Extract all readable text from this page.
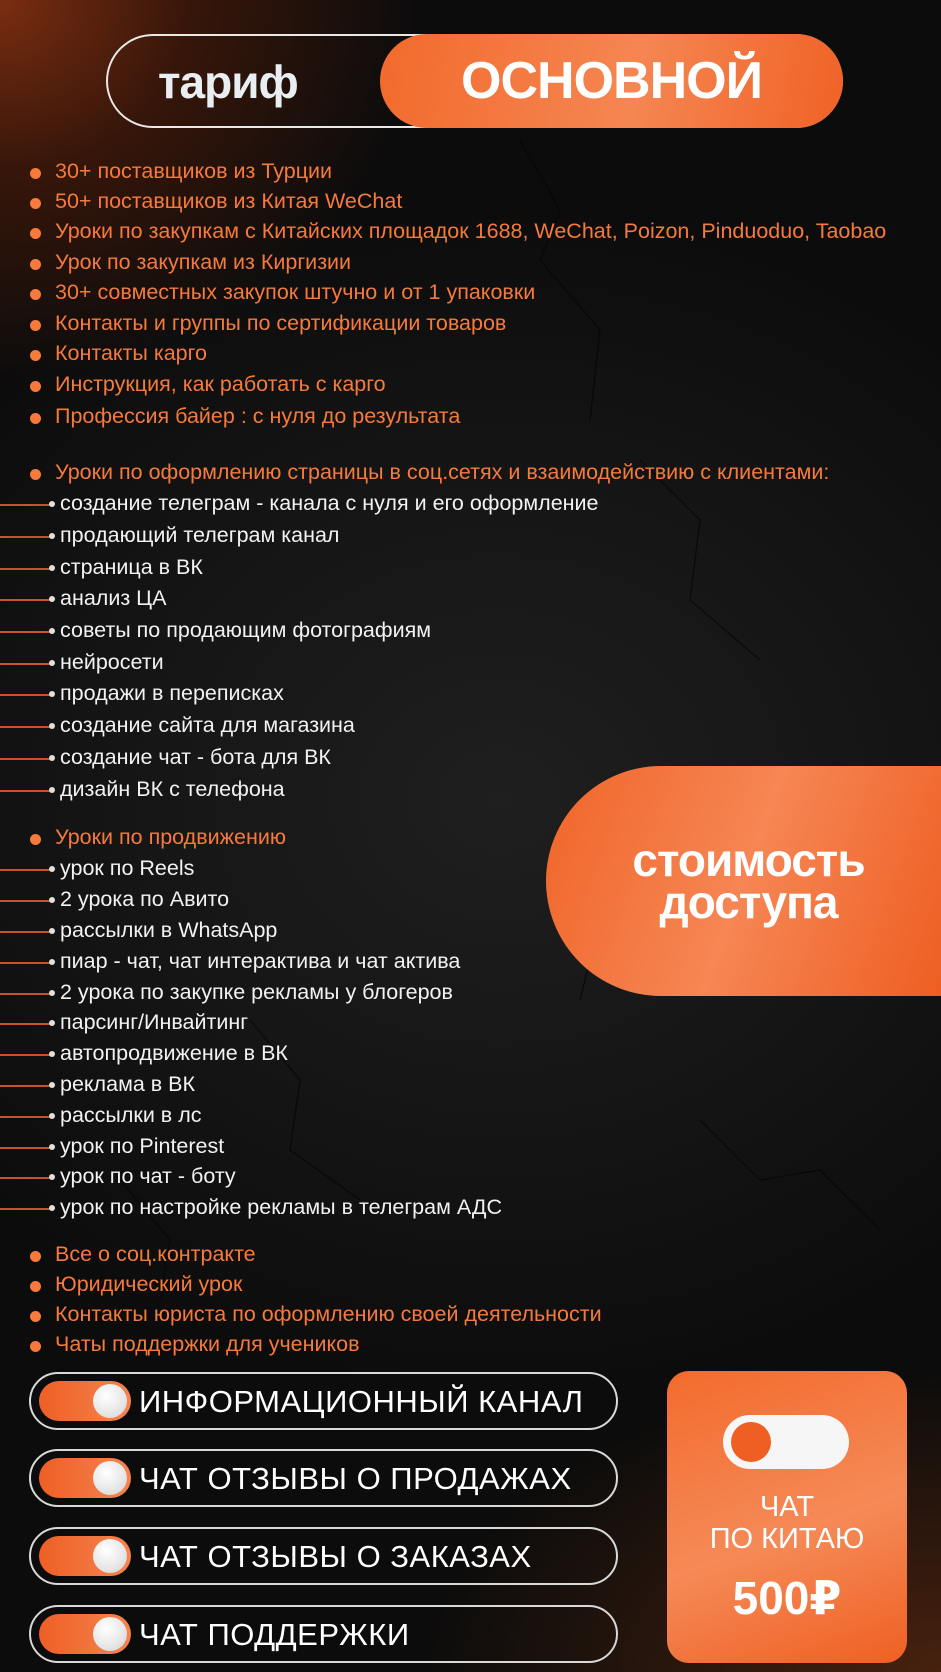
тариф	ОСНОВНОЙ
30+ поставщиков из Турции
50+ поставщиков из Китая WeChat
Уроки по закупкам с Китайских площадок 1688, WeChat, Poizon, Pinduoduo, Taobao
Урок по закупкам из Киргизии
30+ совместных закупок штучно и от 1 упаковки
Контакты и группы по сертификации товаров
Контакты карго
Инструкция, как работать с карго
Профессия байер : с нуля до результата
Уроки по оформлению страницы в соц.сетях и взаимодействию с клиентами:
создание телеграм - канала с нуля и его оформление
продающий телеграм канал
страница в ВК
анализ ЦА
советы по продающим фотографиям
нейросети
продажи в переписках
создание сайта для магазина
создание чат - бота для ВК
дизайн ВК с телефона
Уроки по продвижению
урок по Reels
2 урока по Авито
рассылки в WhatsApp
пиар - чат, чат интерактива и чат актива
2 урока по закупке рекламы у блогеров
парсинг/Инвайтинг
автопродвижение в ВК
реклама в ВК
рассылки в лс
урок по Pinterest
урок по чат - боту
урок по настройке рекламы в телеграм АДС
Все о соц.контракте
Юридический урок
Контакты юриста по оформлению своей деятельности
Чаты поддержки для учеников
стоимость
доступа
ИНФОРМАЦИОННЫЙ КАНАЛ
ЧАТ ОТЗЫВЫ О ПРОДАЖАХ
ЧАТ ОТЗЫВЫ О ЗАКАЗАХ
ЧАТ ПОДДЕРЖКИ
ЧАТ
ПО КИТАЮ
500₽
